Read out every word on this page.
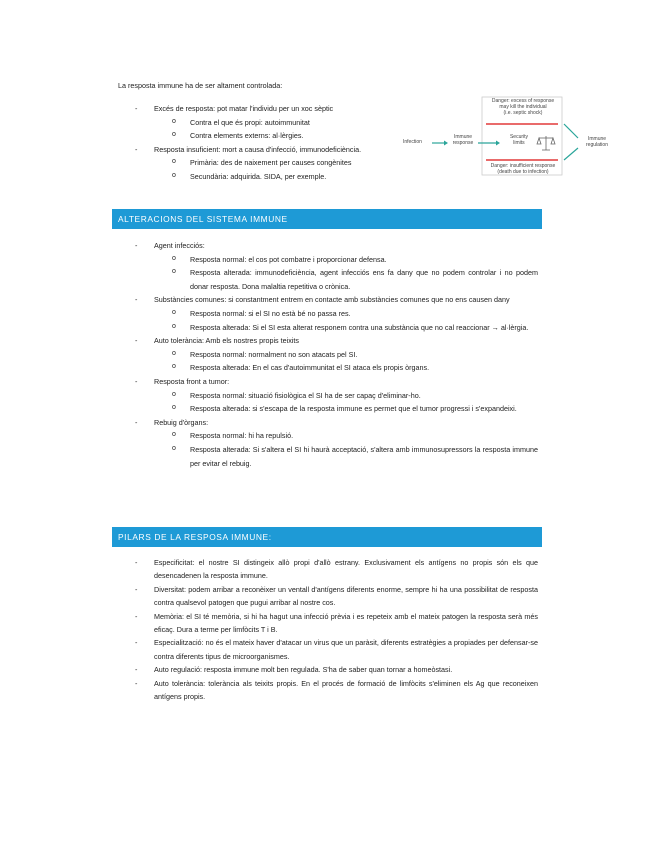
La resposta immune ha de ser altament controlada:
- Excés de resposta: pot matar l'individu per un xoc sèptic
o Contra el que és propi: autoimmunitat
o Contra elements externs: al·lèrgies.
- Resposta insuficient: mort a causa d'infecció, immunodeficiència.
o Primària: des de naixement per causes congènites
o Secundària: adquirida. SIDA, per exemple.
Danger: excess of response
may kill the individual
(i.e. septic shock)
Infection
Immune
response
Security
limits
Immune
regulation
Danger: insufficient response
(death due to infection)
ALTERACIONS DEL SISTEMA IMMUNE
- Agent infecciós:
o Resposta normal: el cos pot combatre i proporcionar defensa.
o Resposta alterada: immunodeficiència, agent infecciós ens fa dany que no podem controlar i no podem donar resposta. Dona malaltia repetitiva o crònica.
- Substàncies comunes: si constantment entrem en contacte amb substàncies comunes que no ens causen dany
o Resposta normal: si el SI no està bé no passa res.
o Resposta alterada: Si el SI esta alterat responem contra una substància que no cal reaccionar → al·lèrgia.
- Auto tolerància: Amb els nostres propis teixits
o Resposta normal: normalment no son atacats pel SI.
o Resposta alterada: En el cas d'autoimmunitat el SI ataca els propis òrgans.
- Resposta front a tumor:
o Resposta normal: situació fisiològica el SI ha de ser capaç d'eliminar-ho.
o Resposta alterada: si s'escapa de la resposta immune es permet que el tumor progressi i s'expandeixi.
- Rebuig d'òrgans:
o Resposta normal: hi ha repulsió.
o Resposta alterada: Si s'altera el SI hi haurà acceptació, s'altera amb immunosupressors la resposta immune per evitar el rebuig.
PILARS DE LA RESPOSA IMMUNE:
- Especificitat: el nostre SI distingeix allò propi d'allò estrany. Exclusivament els antígens no propis són els que desencadenen la resposta immune.
- Diversitat: podem arribar a reconèixer un ventall d'antígens diferents enorme, sempre hi ha una possibilitat de resposta contra qualsevol patogen que pugui arribar al nostre cos.
- Memòria: el SI té memòria, si hi ha hagut una infecció prèvia i es repeteix amb el mateix patogen la resposta serà més eficaç. Dura a terme per limfòcits T i B.
- Especialització: no és el mateix haver d'atacar un virus que un paràsit, diferents estratègies a propiades per defensar-se contra diferents tipus de microorganismes.
- Auto regulació: resposta immune molt ben regulada. S'ha de saber quan tornar a homeòstasi.
- Auto tolerància: tolerància als teixits propis. En el procés de formació de limfòcits s'eliminen els Ag que reconeixen antígens propis.
